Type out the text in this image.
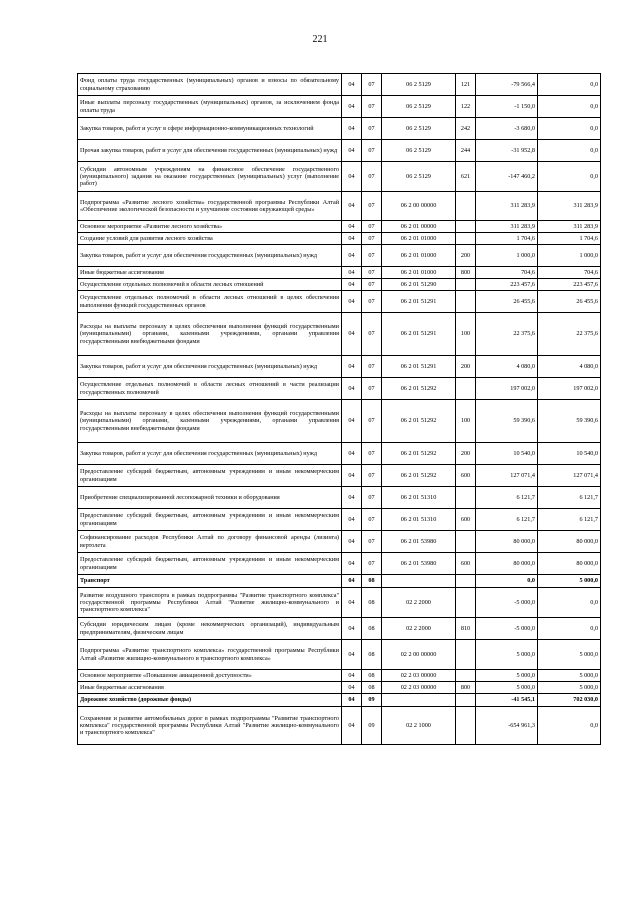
221
Фонд оплаты труда государственных (муниципальных) органов и взносы по обязательному социальному страхованию	04	07	06 2 5129	121	-79 566,4	0,0
Иные выплаты персоналу государственных (муниципальных) органов, за исключением фонда оплаты труда	04	07	06 2 5129	122	-1 150,0	0,0
Закупка товаров, работ и услуг в сфере информационно-коммуникационных технологий	04	07	06 2 5129	242	-3 680,0	0,0
Прочая закупка товаров, работ и услуг для обеспечения государственных (муниципальных) нужд	04	07	06 2 5129	244	-31 952,8	0,0
Субсидии автономным учреждениям на финансовое обеспечение государственного (муниципального) задания на оказание государственных (муниципальных) услуг (выполнение работ)	04	07	06 2 5129	621	-147 460,2	0,0
Подпрограмма «Развитие лесного хозяйства» государственной программы Республики Алтай «Обеспечение экологической безопасности и улучшение состояния окружающей среды»	04	07	06 2 00 00000		311 283,9	311 283,9
Основное мероприятие «Развитие лесного хозяйства»	04	07	06 2 01 00000		311 283,9	311 283,9
Создание условий для развития лесного хозяйства	04	07	06 2 01 01000		1 704,6	1 704,6
Закупка товаров, работ и услуг для обеспечения государственных (муниципальных) нужд	04	07	06 2 01 01000	200	1 000,0	1 000,0
Иные бюджетные ассигнования	04	07	06 2 01 01000	800	704,6	704,6
Осуществление отдельных полномочий в области лесных отношений	04	07	06 2 01 51290		223 457,6	223 457,6
Осуществление отдельных полномочий в области лесных отношений в целях обеспечения выполнения функций государственных органов	04	07	06 2 01 51291		26 455,6	26 455,6
Расходы на выплаты персоналу в целях обеспечения выполнения функций государственными (муниципальными) органами, казенными учреждениями, органами управления государственными внебюджетными фондами	04	07	06 2 01 51291	100	22 375,6	22 375,6
Закупка товаров, работ и услуг для обеспечения государственных (муниципальных) нужд	04	07	06 2 01 51291	200	4 080,0	4 080,0
Осуществление отдельных полномочий в области лесных отношений в части реализации государственных полномочий	04	07	06 2 01 51292		197 002,0	197 002,0
Расходы на выплаты персоналу в целях обеспечения выполнения функций государственными (муниципальными) органами, казенными учреждениями, органами управления государственными внебюджетными фондами	04	07	06 2 01 51292	100	59 390,6	59 390,6
Закупка товаров, работ и услуг для обеспечения государственных (муниципальных) нужд	04	07	06 2 01 51292	200	10 540,0	10 540,0
Предоставление субсидий бюджетным, автономным учреждениям и иным некоммерческим организациям	04	07	06 2 01 51292	600	127 071,4	127 071,4
Приобретение специализированной лесопожарной техники и оборудования	04	07	06 2 01 51310		6 121,7	6 121,7
Предоставление субсидий бюджетным, автономным учреждениям и иным некоммерческим организациям	04	07	06 2 01 51310	600	6 121,7	6 121,7
Софинансирование расходов Республики Алтай по договору финансовой аренды (лизинга) вертолета	04	07	06 2 01 53980		80 000,0	80 000,0
Предоставление субсидий бюджетным, автономным учреждениям и иным некоммерческим организациям	04	07	06 2 01 53980	600	80 000,0	80 000,0
Транспорт	04	08			0,0	5 000,0
Развитие воздушного транспорта в рамках подпрограммы "Развитие транспортного комплекса" государственной программы Республики Алтай "Развитие жилищно-коммунального и транспортного комплекса"	04	08	02 2 2000		-5 000,0	0,0
Субсидии юридическим лицам (кроме некоммерческих организаций), индивидуальным предпринимателям, физическим лицам	04	08	02 2 2000	810	-5 000,0	0,0
Подпрограмма «Развитие транспортного комплекса» государственной программы Республики Алтай «Развитие жилищно-коммунального и транспортного комплекса»	04	08	02 2 00 00000		5 000,0	5 000,0
Основное мероприятие «Повышение авиационной доступности»	04	08	02 2 03 00000		5 000,0	5 000,0
Иные бюджетные ассигнования	04	08	02 2 03 00000	800	5 000,0	5 000,0
Дорожное хозяйство (дорожные фонды)	04	09			-41 545,1	702 030,0
Сохранение и развитие автомобильных дорог в рамках подпрограммы "Развитие транспортного комплекса" государственной программы Республики Алтай "Развитие жилищно-коммунального и транспортного комплекса"	04	09	02 2 1000		-654 961,3	0,0
